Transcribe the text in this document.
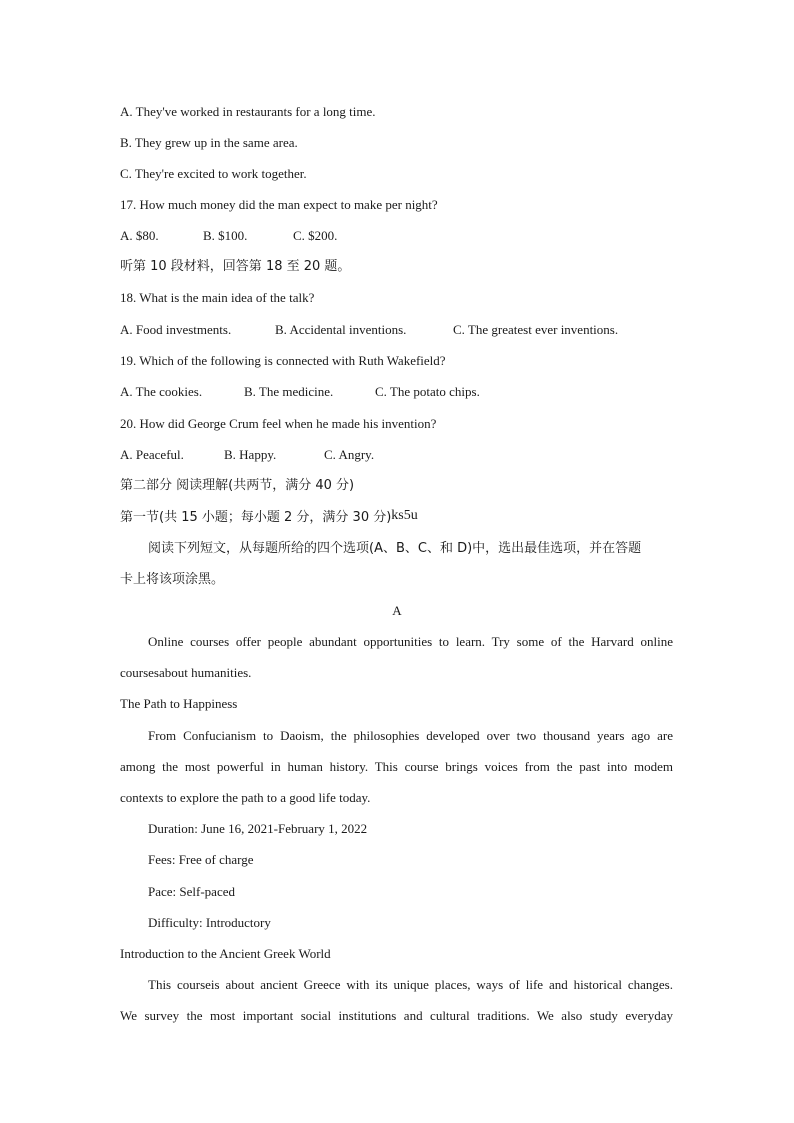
A. They've worked in restaurants for a long time.
B. They grew up in the same area.
C. They're excited to work together.
17. How much money did the man expect to make per night?
A. $80.	B. $100.	C. $200.
听第 10 段材料，回答第 18 至 20 题。
18. What is the main idea of the talk?
A. Food investments.	B. Accidental inventions.	C. The greatest ever inventions.
19. Which of the following is connected with Ruth Wakefield?
A. The cookies.	B. The medicine.	C. The potato chips.
20. How did George Crum feel when he made his invention?
A. Peaceful.	B. Happy.	C. Angry.
第二部分 阅读理解(共两节，满分 40 分)
第一节(共 15 小题；每小题 2 分，满分 30 分)ks5u
阅读下列短文，从每题所给的四个选项(A、B、C、和 D)中，选出最佳选项，并在答题
卡上将该项涂黑。
A
Online courses offer people abundant opportunities to learn. Try some of the Harvard online
coursesabout humanities.
The Path to Happiness
From Confucianism to Daoism, the philosophies developed over two thousand years ago are
among the most powerful in human history. This course brings voices from the past into modem
contexts to explore the path to a good life today.
Duration: June 16, 2021-February 1, 2022
Fees: Free of charge
Pace: Self-paced
Difficulty: Introductory
Introduction to the Ancient Greek World
This courseis about ancient Greece with its unique places, ways of life and historical changes.
We survey the most important social institutions and cultural traditions. We also study everyday
